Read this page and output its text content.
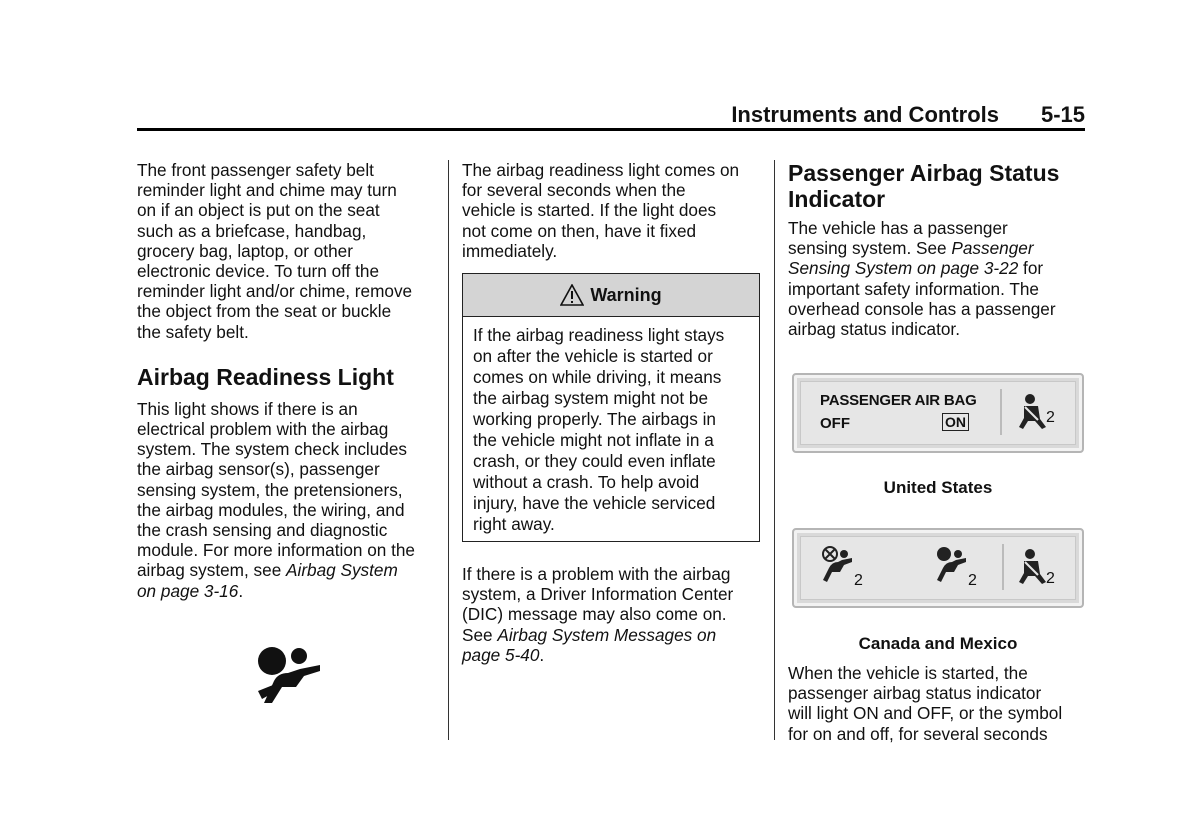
Instruments and Controls 5-15

The front passenger safety belt
reminder light and chime may turn
on if an object is put on the seat
such as a briefcase, handbag,
grocery bag, laptop, or other
electronic device. To turn off the
reminder light and/or chime, remove
the object from the seat or buckle
the safety belt.

Airbag Readiness Light

This light shows if there is an
electrical problem with the airbag
system. The system check includes
the airbag sensor(s), passenger
sensing system, the pretensioners,
the airbag modules, the wiring, and
the crash sensing and diagnostic
module. For more information on the
airbag system, see Airbag System
on page 3-16.

The airbag readiness light comes on
for several seconds when the
vehicle is started. If the light does
not come on then, have it fixed
immediately.

Warning
If the airbag readiness light stays
on after the vehicle is started or
comes on while driving, it means
the airbag system might not be
working properly. The airbags in
the vehicle might not inflate in a
crash, or they could even inflate
without a crash. To help avoid
injury, have the vehicle serviced
right away.
If there is a problem with the airbag
system, a Driver Information Center
(DIC) message may also come on.
See Airbag System Messages on
page 5-40.
Passenger Airbag Status
Indicator

The vehicle has a passenger
sensing system. See Passenger
Sensing System on page 3-22 for
important safety information. The
overhead console has a passenger
airbag status indicator.

PASSENGER AIR BAG
OFF	ON	2
United States
2	2	2
Canada and Mexico
When the vehicle is started, the
passenger airbag status indicator
will light ON and OFF, or the symbol
for on and off, for several seconds
